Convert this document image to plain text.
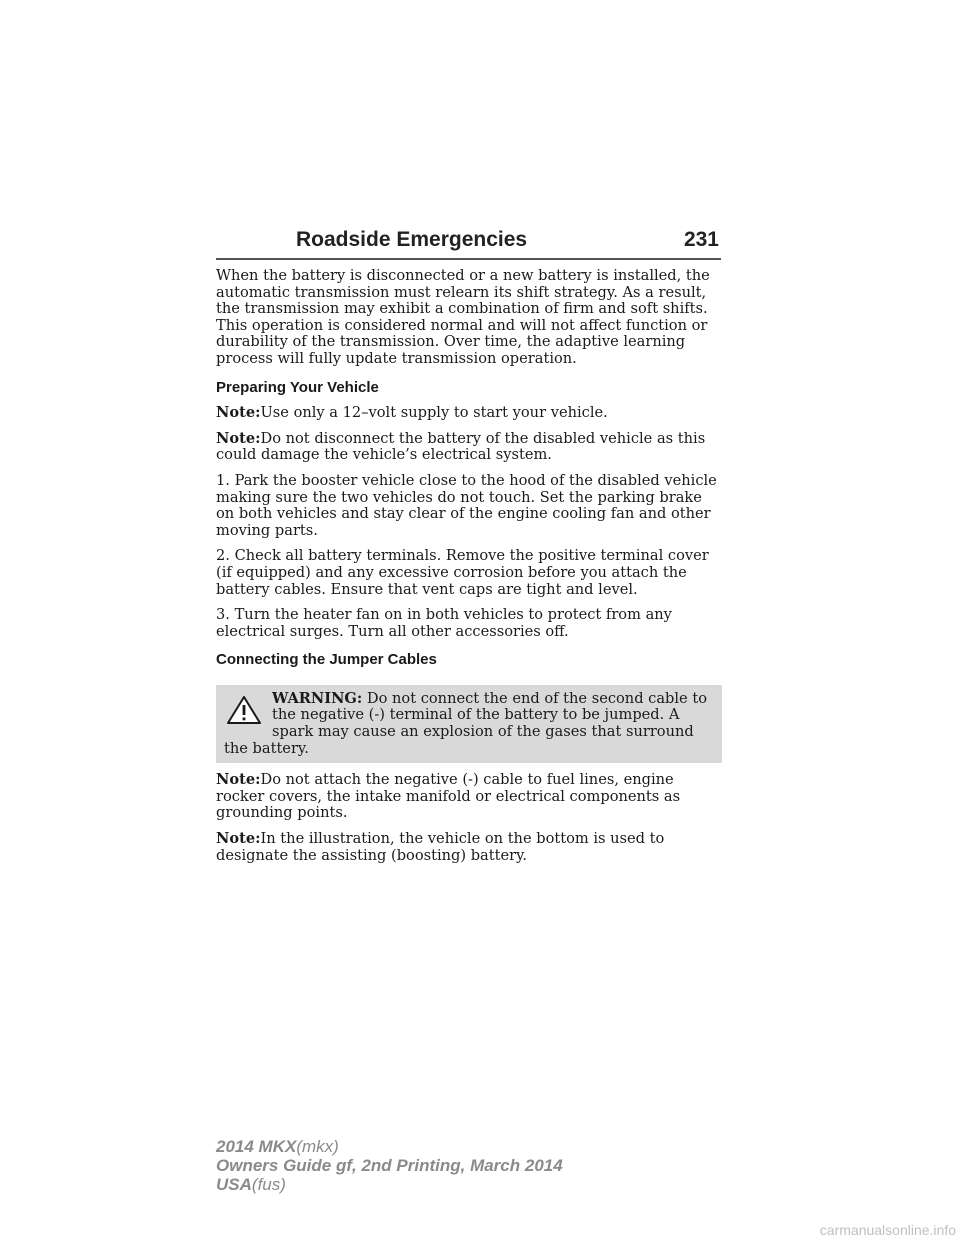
Roadside Emergencies	231

When the battery is disconnected or a new battery is installed, the automatic transmission must relearn its shift strategy. As a result, the transmission may exhibit a combination of firm and soft shifts. This operation is considered normal and will not affect function or durability of the transmission. Over time, the adaptive learning process will fully update transmission operation.

Preparing Your Vehicle

Note:Use only a 12–volt supply to start your vehicle.

Note:Do not disconnect the battery of the disabled vehicle as this could damage the vehicle’s electrical system.

1. Park the booster vehicle close to the hood of the disabled vehicle making sure the two vehicles do not touch. Set the parking brake on both vehicles and stay clear of the engine cooling fan and other moving parts.

2. Check all battery terminals. Remove the positive terminal cover (if equipped) and any excessive corrosion before you attach the battery cables. Ensure that vent caps are tight and level.

3. Turn the heater fan on in both vehicles to protect from any electrical surges. Turn all other accessories off.

Connecting the Jumper Cables
WARNING: Do not connect the end of the second cable to the negative (-) terminal of the battery to be jumped. A spark may cause an explosion of the gases that surround the battery.

Note:Do not attach the negative (-) cable to fuel lines, engine rocker covers, the intake manifold or electrical components as grounding points.

Note:In the illustration, the vehicle on the bottom is used to designate the assisting (boosting) battery.

2014 MKX(mkx)
Owners Guide gf, 2nd Printing, March 2014
USA(fus)
carmanualsonline.info
